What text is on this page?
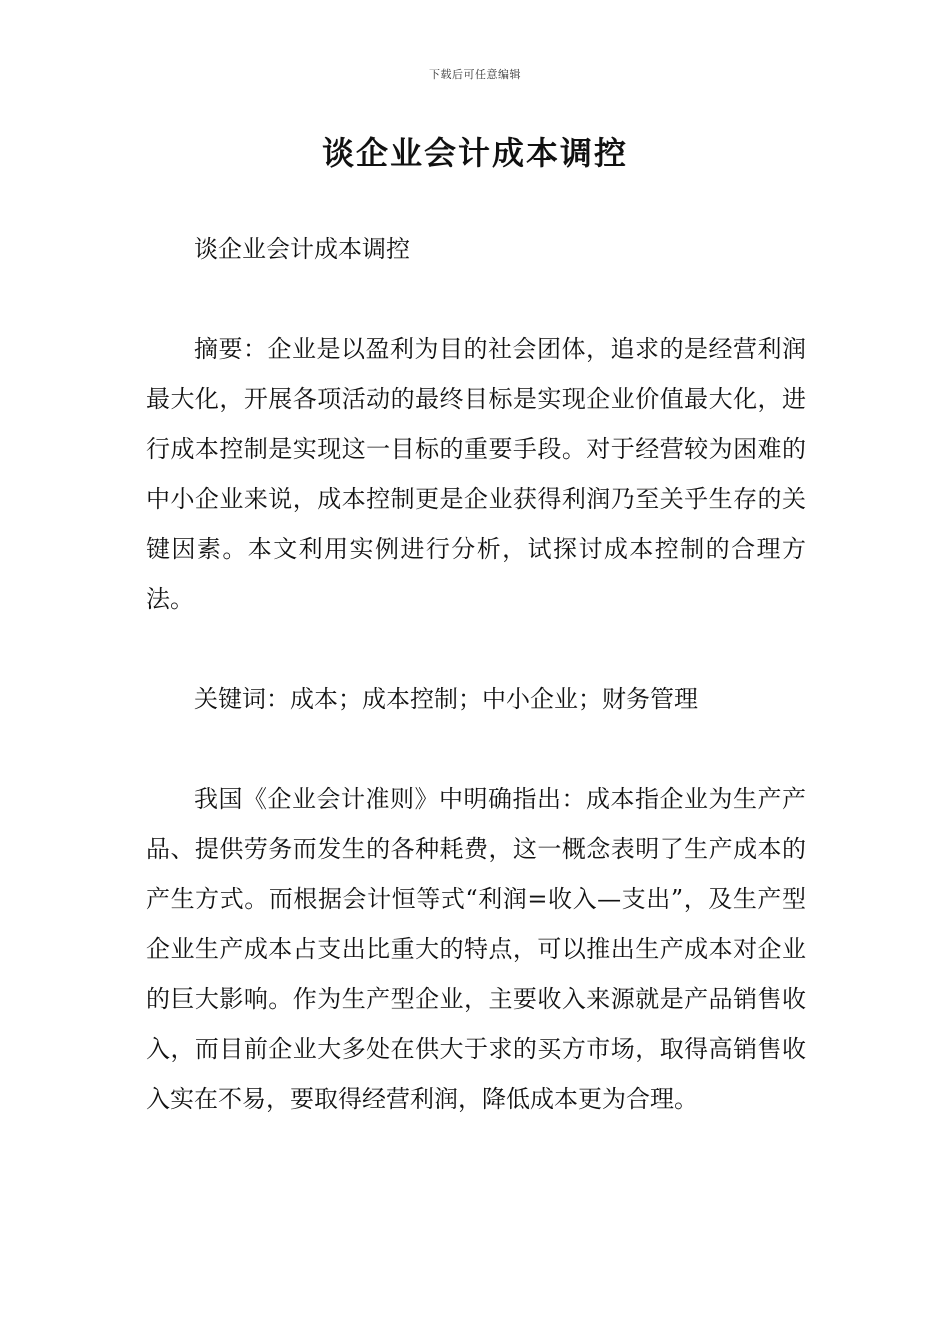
下载后可任意编辑
谈企业会计成本调控

谈企业会计成本调控

摘要：企业是以盈利为目的社会团体，追求的是经营利润最大化，开展各项活动的最终目标是实现企业价值最大化，进行成本控制是实现这一目标的重要手段。对于经营较为困难的中小企业来说，成本控制更是企业获得利润乃至关乎生存的关键因素。本文利用实例进行分析，试探讨成本控制的合理方法。

关键词：成本；成本控制；中小企业；财务管理

我国《企业会计准则》中明确指出：成本指企业为生产产品、提供劳务而发生的各种耗费，这一概念表明了生产成本的产生方式。而根据会计恒等式“利润=收入—支出”，及生产型企业生产成本占支出比重大的特点，可以推出生产成本对企业的巨大影响。作为生产型企业，主要收入来源就是产品销售收入，而目前企业大多处在供大于求的买方市场，取得高销售收入实在不易，要取得经营利润，降低成本更为合理。
